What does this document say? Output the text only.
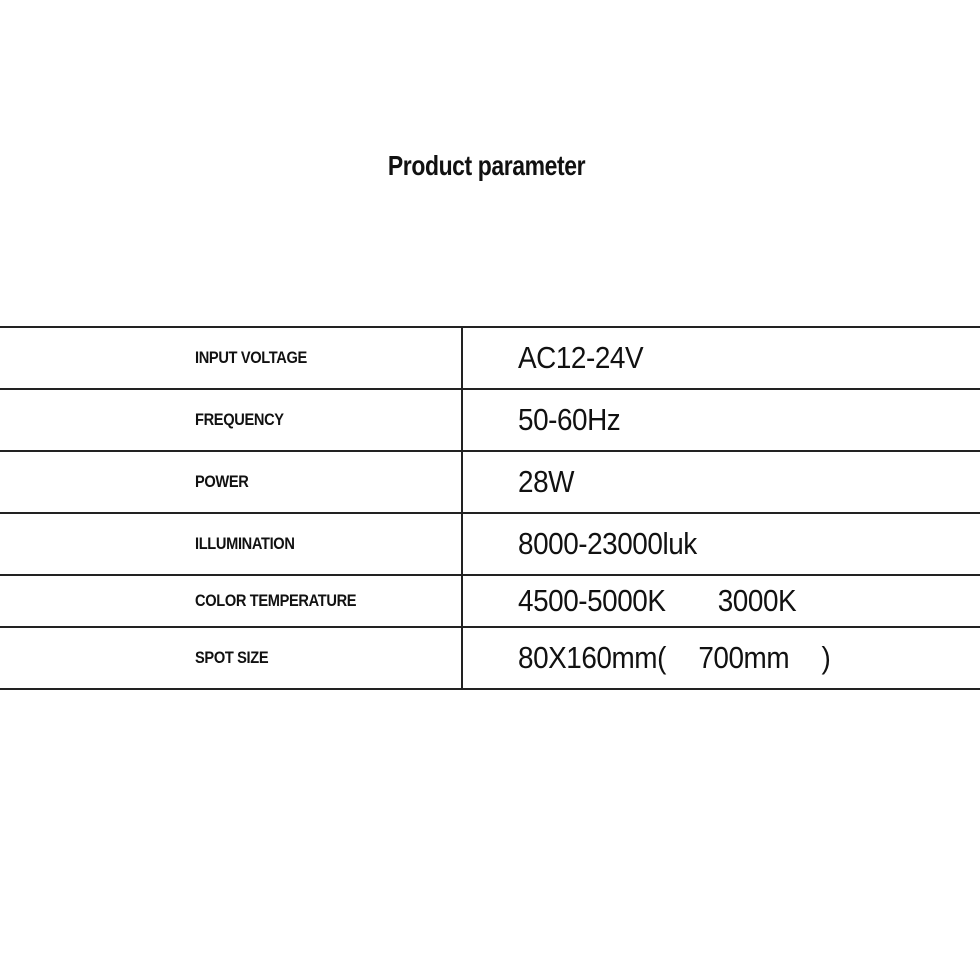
Product parameter
INPUT VOLTAGE	AC12-24V
FREQUENCY	50-60Hz
POWER	28W
ILLUMINATION	8000-23000luk
COLOR TEMPERATURE	4500-5000K 3000K
SPOT SIZE	80X160mm( 700mm )
